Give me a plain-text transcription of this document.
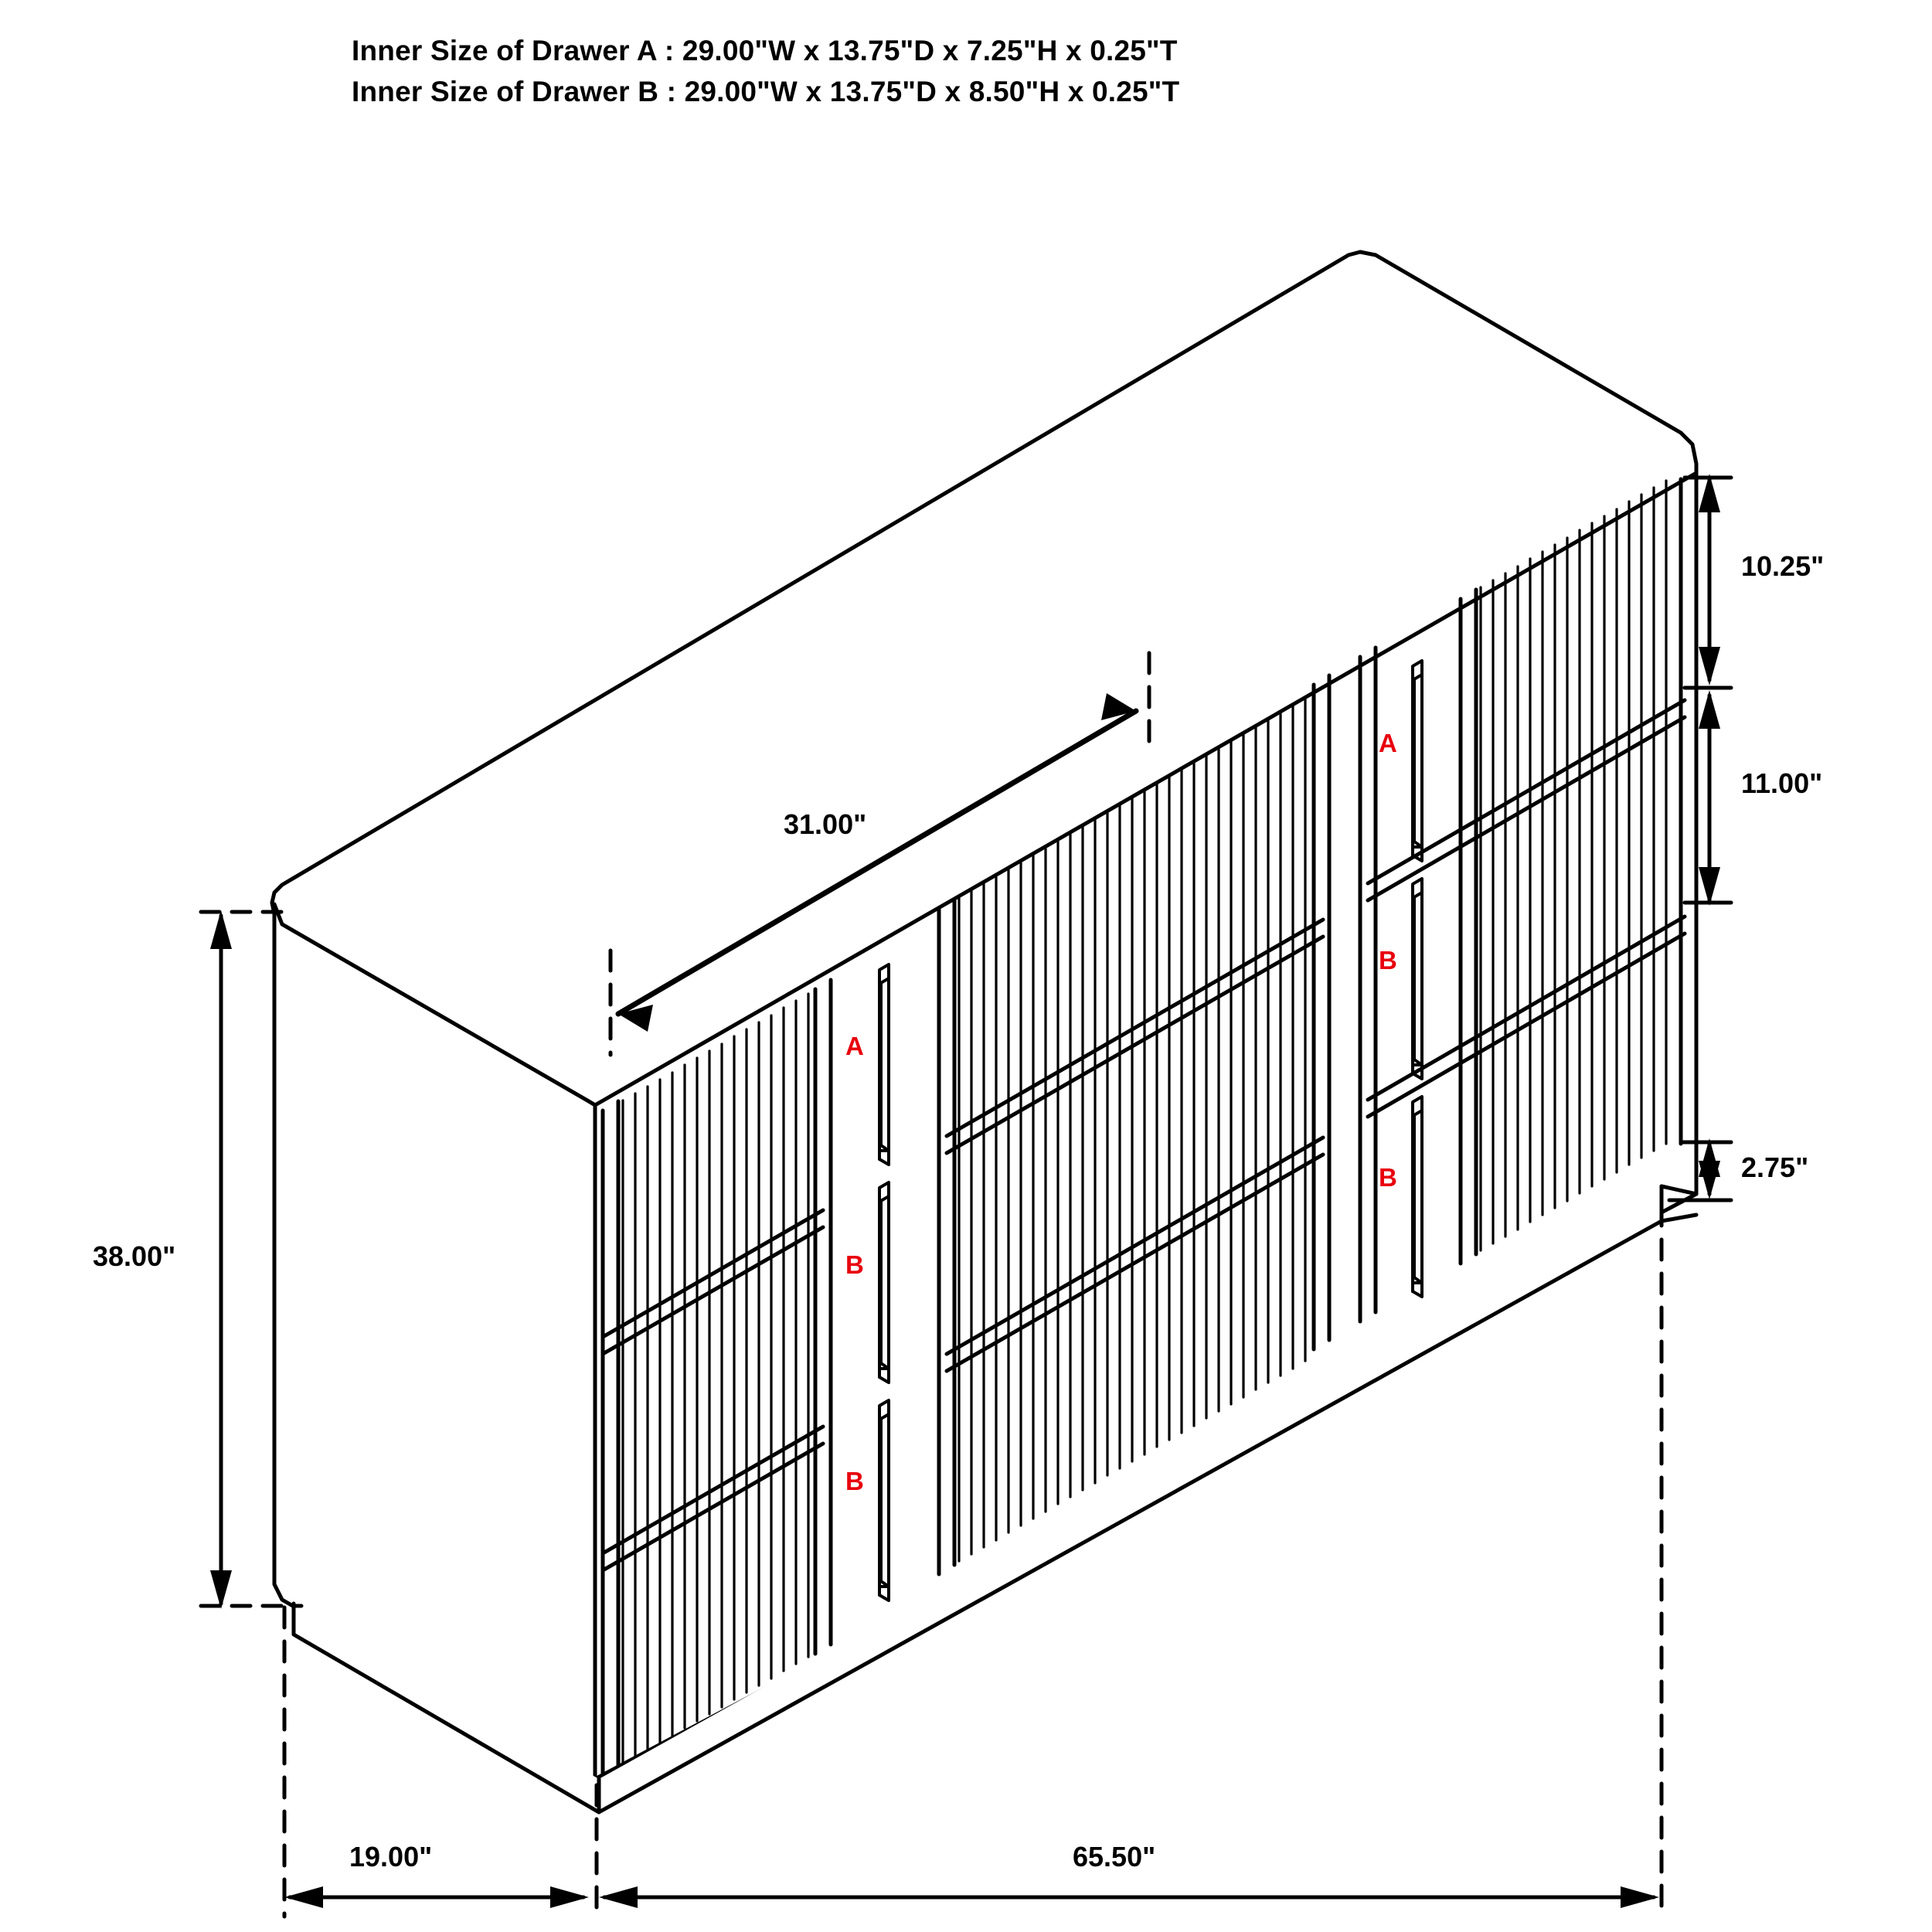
Inner Size of Drawer A : 29.00"W x 13.75"D x 7.25"H x 0.25"T
Inner Size of Drawer B : 29.00"W x 13.75"D x 8.50"H x 0.25"T
A
B
B
A
B
B
31.00"
38.00"
10.25"
11.00"
2.75"
19.00"	65.50"
